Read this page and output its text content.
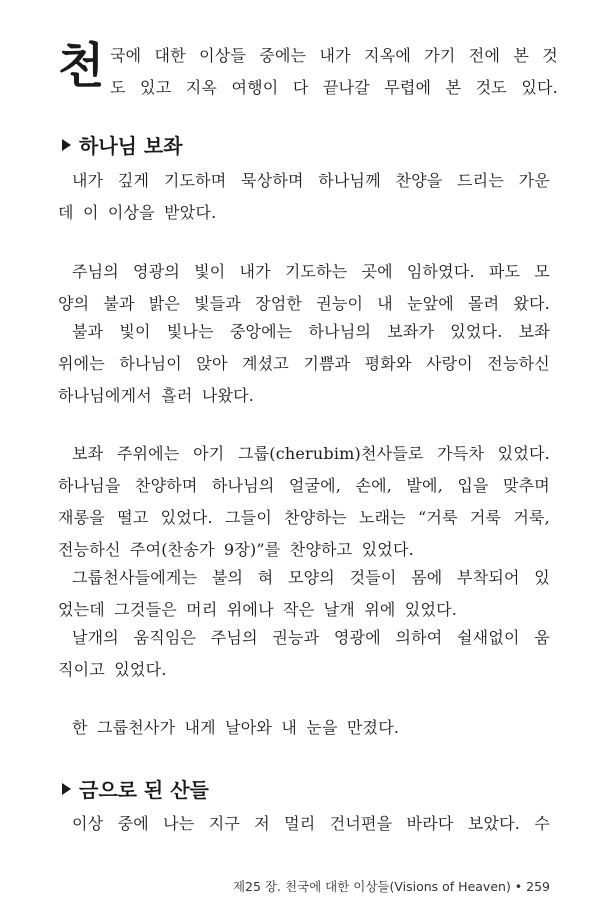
천 국에 대한 이상들 중에는 내가 지옥에 가기 전에 본 것
도 있고 지옥 여행이 다 끝나갈 무렵에 본 것도 있다.
하나님 보좌
내가 깊게 기도하며 묵상하며 하나님께 찬양을 드리는 가운
데 이 이상을 받았다.
주님의 영광의 빛이 내가 기도하는 곳에 임하였다. 파도 모
양의 불과 밝은 빛들과 장엄한 권능이 내 눈앞에 몰려 왔다.
불과 빛이 빛나는 중앙에는 하나님의 보좌가 있었다. 보좌
위에는 하나님이 앉아 계셨고 기쁨과 평화와 사랑이 전능하신
하나님에게서 흘러 나왔다.
보좌 주위에는 아기 그룹(cherubim)천사들로 가득차 있었다.
하나님을 찬양하며 하나님의 얼굴에, 손에, 발에, 입을 맞추며
재롱을 떨고 있었다. 그들이 찬양하는 노래는 “거룩 거룩 거룩,
전능하신 주여(찬송가 9장)”를 찬양하고 있었다.
그룹천사들에게는 불의 혀 모양의 것들이 몸에 부착되어 있
었는데 그것들은 머리 위에나 작은 날개 위에 있었다.
날개의 움직임은 주님의 권능과 영광에 의하여 쉴새없이 움
직이고 있었다.
한 그룹천사가 내게 날아와 내 눈을 만졌다.
금으로 된 산들
이상 중에 나는 지구 저 멀리 건너편을 바라다 보았다. 수
제25 장. 천국에 대한 이상들(Visions of Heaven) • 259
